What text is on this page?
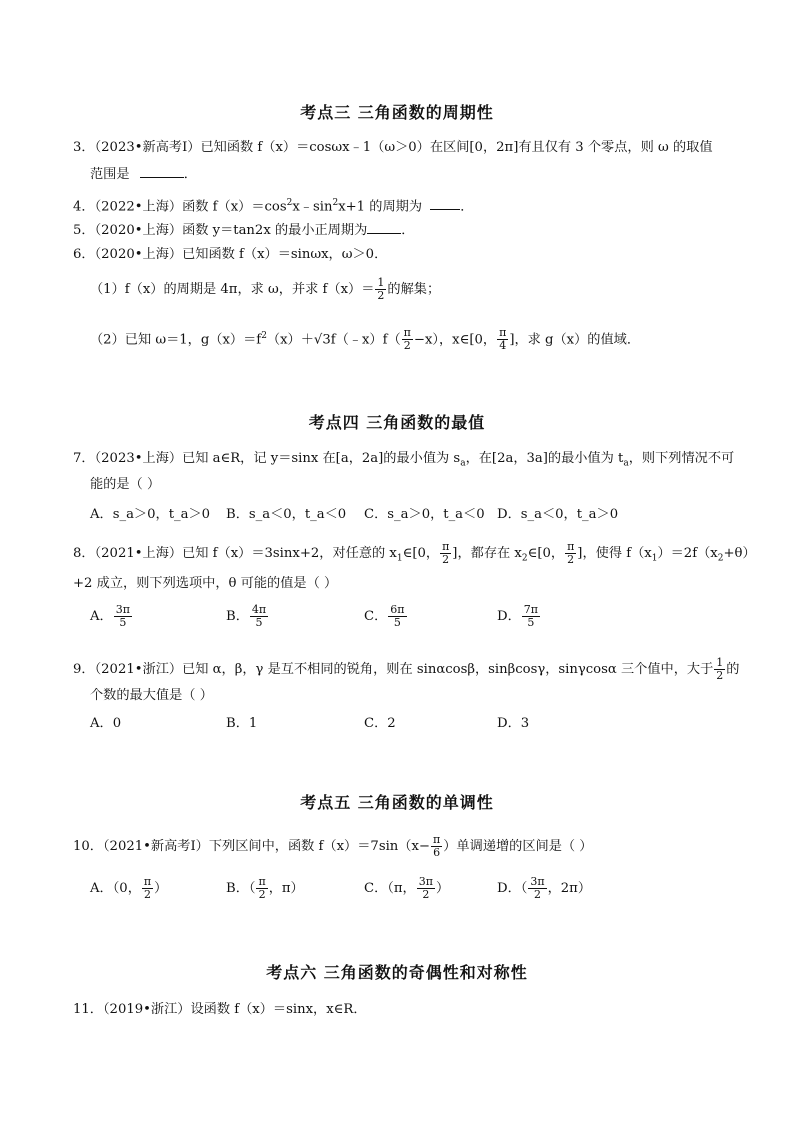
考点三 三角函数的周期性
3．（2023•新高考Ⅰ）已知函数 f（x）＝cosωx﹣1（ω＞0）在区间[0，2π]有且仅有 3 个零点，则 ω 的取值
范围是	．
4．（2022•上海）函数 $f(x)=\cos^2x﹣\sin^2x+1$ 的周期为	．
5．（2020•上海）函数 y＝tan2x 的最小正周期为	．
6．（2020•上海）已知函数 f（x）＝sinωx，ω＞0．
（1）f（x）的周期是 4π，求 ω，并求 $f(x)= \frac{1}{2}$ 的解集；
（2）已知 ω＝1，$g(x)=f^2(x)+√3f(﹣x)f( \frac{\pi}{2} -x)$，x∈[0， $\frac{\pi}{4}$ ]，求 g（x）的值域．
考点四 三角函数的最值
7．（2023•上海）已知 a∈R，记 y＝sinx 在[a，2a]的最小值为 $s_a$，在[2a，3a]的最小值为 $t_a$，则下列情况不可
能的是（ ）
A．s_a＞0，t_a＞0 B．s_a＜0，t_a＜0 C．s_a＞0，t_a＜0 D．s_a＜0，t_a＞0
8．（2021•上海）已知 f（x）＝3sinx+2，对任意的 $x_1\in[0$， $\frac{\pi}{2}$ ]，都存在 $x_2\in[0$， $\frac{\pi}{2}$ ]，使得 $f(x_1)=2f(x_2+\theta)$
+2 成立，则下列选项中，θ 可能的值是（ ）
A． $\frac{3\pi}{5}$	B． $\frac{4\pi}{5}$	C． $\frac{6\pi}{5}$	D． $\frac{7\pi}{5}$
9．（2021•浙江）已知 α，β，γ 是互不相同的锐角，则在 sinαcosβ，sinβcosγ，sinγcosα 三个值中，大于 $\frac{1}{2}$ 的
个数的最大值是（ ）
A．0	B．1	C．2	D．3
考点五 三角函数的单调性
10．（2021•新高考Ⅰ）下列区间中，函数 $f(x)=7\sin(x- \frac{\pi}{6}$ ）单调递增的区间是（ ）
A．（0， $\frac{\pi}{2}$ ）	B．（ $\frac{\pi}{2}$ ，π）	C．（π， $\frac{3\pi}{2}$ ）	D．（ $\frac{3\pi}{2}$ ，2π）
考点六 三角函数的奇偶性和对称性
11．（2019•浙江）设函数 f（x）＝sinx，x∈R．
